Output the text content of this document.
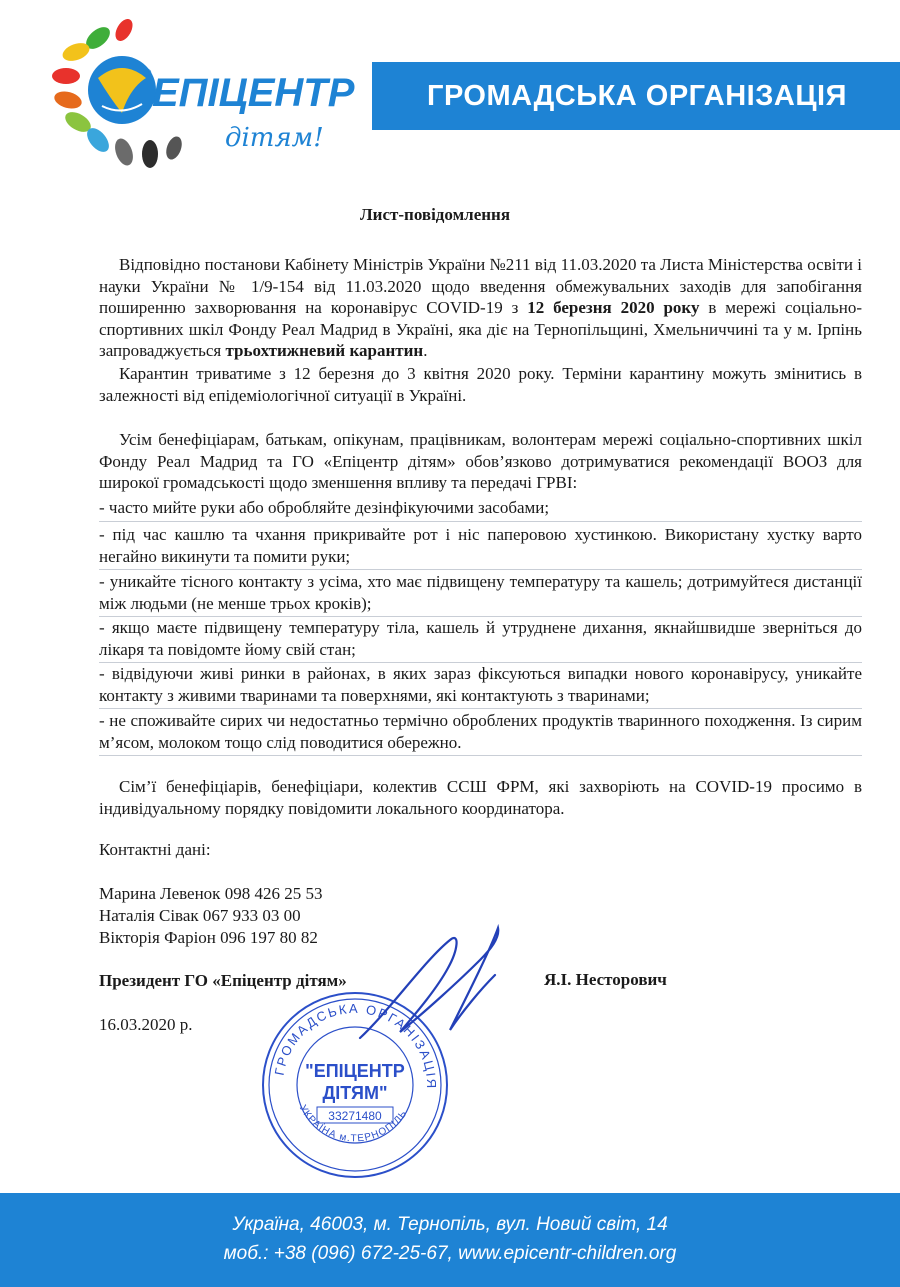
ЕПІЦЕНТР
®
дітям!
ГРОМАДСЬКА ОРГАНІЗАЦІЯ
Лист-повідомлення
Відповідно постанови Кабінету Міністрів України №211 від 11.03.2020 та Листа Міністерства освіти і науки України № 1/9-154 від 11.03.2020 щодо введення обмежувальних заходів для запобігання поширенню захворювання на коронавірус COVID-19 з 12 березня 2020 року в мережі соціально-спортивних шкіл Фонду Реал Мадрид в Україні, яка діє на Тернопільщині, Хмельниччині та у м. Ірпінь запроваджується трьохтижневий карантин.
Карантин триватиме з 12 березня до 3 квітня 2020 року. Терміни карантину можуть змінитись в залежності від епідеміологічної ситуації в Україні.
Усім бенефіціарам, батькам, опікунам, працівникам, волонтерам мережі соціально-спортивних шкіл Фонду Реал Мадрид та ГО «Епіцентр дітям» обов’язково дотримуватися рекомендації ВООЗ для широкої громадськості щодо зменшення впливу та передачі ГРВІ:
- часто мийте руки або обробляйте дезінфікуючими засобами;
- під час кашлю та чхання прикривайте рот і ніс паперовою хустинкою. Використану хустку варто негайно викинути та помити руки;
- уникайте тісного контакту з усіма, хто має підвищену температуру та кашель; дотримуйтеся дистанції між людьми (не менше трьох кроків);
- якщо маєте підвищену температуру тіла, кашель й утруднене дихання, якнайшвидше зверніться до лікаря та повідомте йому свій стан;
- відвідуючи живі ринки в районах, в яких зараз фіксуються випадки нового коронавірусу, уникайте контакту з живими тваринами та поверхнями, які контактують з тваринами;
- не споживайте сирих чи недостатньо термічно оброблених продуктів тваринного походження. Із сирим м’ясом, молоком тощо слід поводитися обережно.
Сім’ї бенефіціарів, бенефіціари, колектив ССШ ФРМ, які захворіють на COVID-19 просимо в індивідуальному порядку повідомити локального координатора.
Контактні дані:
Марина Левенок 098 426 25 53
Наталія Сівак 067 933 03 00
Вікторія Фаріон 096 197 80 82
Президент ГО «Епіцентр дітям»	Я.І. Несторович
16.03.2020 р.
ГРОМАДСЬКА ОРГАНІЗАЦІЯ
УКРАЇНА м.ТЕРНОПІЛЬ
"ЕПІЦЕНТР
ДІТЯМ"
33271480
Україна, 46003, м. Тернопіль, вул. Новий світ, 14
моб.: +38 (096) 672-25-67, www.epicentr-children.org
